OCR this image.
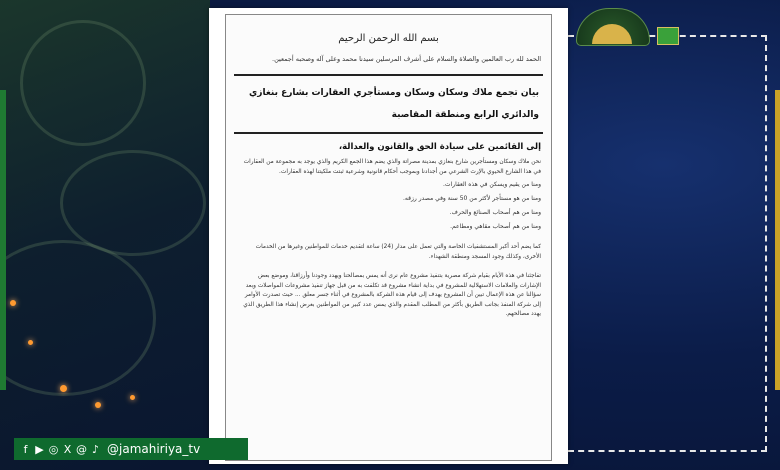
بسم الله الرحمن الرحيم
الحمد لله رب العالمين والصلاة والسلام على أشرف المرسلين سيدنا محمد وعلى آله وصحبه أجمعين.
بيان تجمع ملاك وسكان وسكان ومستأجري العقارات بشارع بنغازي
والدائري الرابع ومنطقة المقاصبة
إلى القائمين على سيادة الحق والقانون والعدالة،
نحن ملاك وسكان ومستأجرين شارع بنغازي بمدينة مصراتة والذي يضم هذا الجمع الكريم والذي يوجد به مجموعة من العقارات في هذا الشارع الحيوي بالإرث الشرعي من أجدادنا وبموجب أحكام قانونية وشرعية ثبتت ملكيتنا لهذه العقارات.
ومنا من يقيم ويسكن في هذه العقارات.
ومنا من هو مستأجر لأكثر من 50 سنة وفي مصدر رزقه.
ومنا من هم أصحاب الصنائع والحرف.
ومنا من هم أصحاب مقاهي ومطاعم.
كما يضم أحد أكبر المستشفيات الخاصة والتي تعمل على مدار (24) ساعة لتقديم خدمات للمواطنين وغيرها من الخدمات الأخرى، وكذلك وجود المسجد ومنطقة الشهداء.
تفاجئنا في هذه الأيام بقيام شركة مصرية بتنفيذ مشروع عام نرى أنه يمس بمصالحنا ويهدد وجودنا وأرزاقنا، وموضع بعض الإشارات والعلامات الاستهلالية للمشروع في بداية انشاء مشروع قد تكلفت به من قبل جهاز تنفيذ مشروعات المواصلات وبعد سؤالنا عن هذه الإعمال تبين أن المشروع يهدف إلى قيام هذه الشركة بالمشروع في أثناء جسر معلق ... حيث تصدرت الأوامر إلى شركة المنفذ بجانب الطريق بأكثر من المطلب المقدم والذي يمس عدد كبير من المواطنين بغرض إنشاء هذا الطريق الذي يهدد مصالحهم.
f ▶ ◎ X @ ♪ @jamahiriya_tv
